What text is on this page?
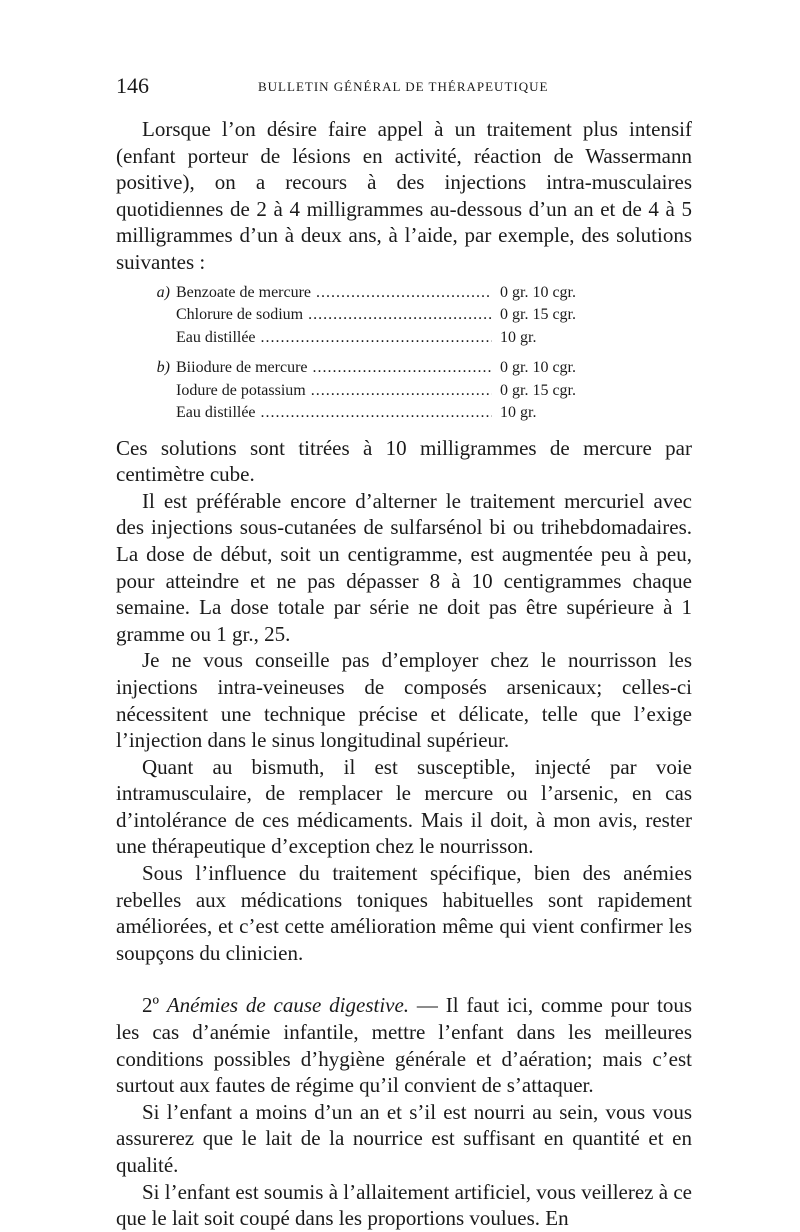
146	BULLETIN GÉNÉRAL DE THÉRAPEUTIQUE

Lorsque l’on désire faire appel à un traitement plus intensif (enfant porteur de lésions en activité, réaction de Wassermann positive), on a recours à des injections intra-musculaires quotidiennes de 2 à 4 milligrammes au-dessous d’un an et de 4 à 5 milligrammes d’un à deux ans, à l’aide, par exemple, des solutions suivantes :

a) Benzoate de mercure .....	0 gr. 10 cgr.
Chlorure de sodium .....	0 gr. 15 cgr.
Eau distillée .....	10 gr.
b) Biiodure de mercure .....	0 gr. 10 cgr.
Iodure de potassium .....	0 gr. 15 cgr.
Eau distillée .....	10 gr.

Ces solutions sont titrées à 10 milligrammes de mercure par centimètre cube.

Il est préférable encore d’alterner le traitement mercuriel avec des injections sous-cutanées de sulfarsénol bi ou trihebdomadaires. La dose de début, soit un centigramme, est augmentée peu à peu, pour atteindre et ne pas dépasser 8 à 10 centigrammes chaque semaine. La dose totale par série ne doit pas être supérieure à 1 gramme ou 1 gr., 25.

Je ne vous conseille pas d’employer chez le nourrisson les injections intra-veineuses de composés arsenicaux; celles-ci nécessitent une technique précise et délicate, telle que l’exige l’injection dans le sinus longitudinal supérieur.

Quant au bismuth, il est susceptible, injecté par voie intramusculaire, de remplacer le mercure ou l’arsenic, en cas d’intolérance de ces médicaments. Mais il doit, à mon avis, rester une thérapeutique d’exception chez le nourrisson.

Sous l’influence du traitement spécifique, bien des anémies rebelles aux médications toniques habituelles sont rapidement améliorées, et c’est cette amélioration même qui vient confirmer les soupçons du clinicien.

2º Anémies de cause digestive. — Il faut ici, comme pour tous les cas d’anémie infantile, mettre l’enfant dans les meilleures conditions possibles d’hygiène générale et d’aération; mais c’est surtout aux fautes de régime qu’il convient de s’attaquer.

Si l’enfant a moins d’un an et s’il est nourri au sein, vous vous assurerez que le lait de la nourrice est suffisant en quantité et en qualité.

Si l’enfant est soumis à l’allaitement artificiel, vous veillerez à ce que le lait soit coupé dans les proportions voulues. En
